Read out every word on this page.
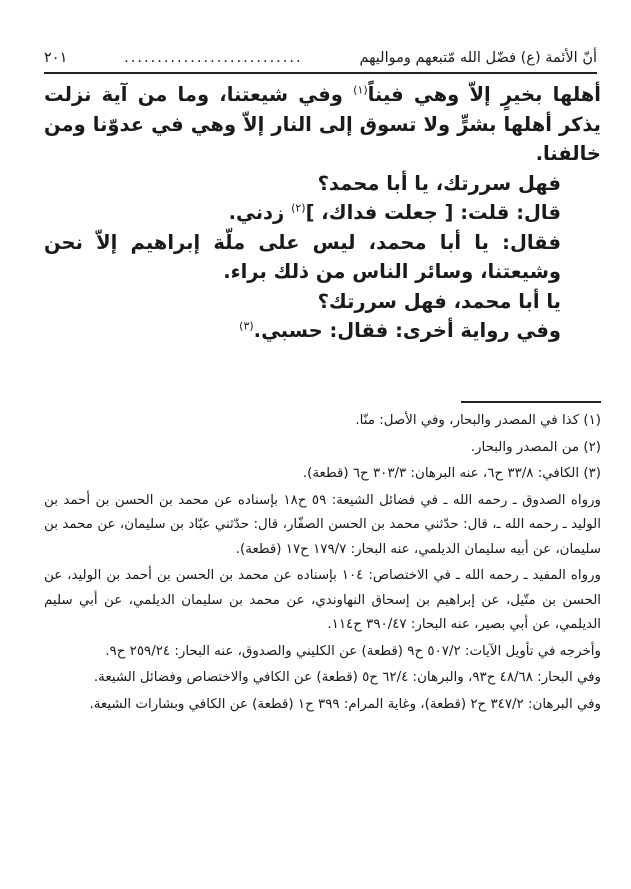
أنّ الأئمة (ع) فضّل الله مّتبعهم ومواليهم
...........................
٢٠١

أهلها بخيرٍ إلاّ وهي فيناً$^{(١)}$ وفي شيعتنا، وما من آية نزلت يذكر أهلها بشرٍّ ولا تسوق إلى النار إلاّ وهي في عدوّنا ومن خالفنا.

فهل سررتك، يا أبا محمد؟

قال: قلت: [ جعلت فداك، ]$^{(٢)}$ زدني.

فقال: يا أبا محمد، ليس على ملّة إبراهيم إلاّ نحن وشيعتنا، وسائر الناس من ذلك براء.

يا أبا محمد، فهل سررتك؟

وفي رواية أخرى: فقال: حسبي.$^{(٣)}$

(١) كذا في المصدر والبحار، وفي الأصل: منّا.

(٢) من المصدر والبحار.

(٣) الكافي: ٣٣/٨ ح٦، عنه البرهان: ٣٠٣/٣ ح٦ (قطعة).

ورواه الصدوق ـ رحمه الله ـ في فضائل الشيعة: ٥٩ ح١٨ بإسناده عن محمد بن الحسن بن أحمد بن الوليد ـ رحمه الله ـ، قال: حدّثني محمد بن الحسن الصفّار، قال: حدّثني عبّاد بن سليمان، عن محمد بن سليمان، عن أبيه سليمان الديلمي، عنه البحار: ١٧٩/٧ ح١٧ (قطعة).

ورواه المفيد ـ رحمه الله ـ في الاختصاص: ١٠٤ بإسناده عن محمد بن الحسن بن أحمد بن الوليد، عن الحسن بن متّيل، عن إبراهيم بن إسحاق النهاوندي، عن محمد بن سليمان الديلمي، عن أبي سليم الديلمي، عن أبي بصير، عنه البحار: ٣٩٠/٤٧ ح١١٤.

وأخرجه في تأويل الآيات: ٥٠٧/٢ ح٩ (قطعة) عن الكليني والصدوق، عنه البحار: ٢٥٩/٢٤ ح٩.

وفي البحار: ٤٨/٦٨ ح٩٣، والبرهان: ٦٢/٤ ح٥ (قطعة) عن الكافي والاختصاص وفضائل الشيعة.

وفي البرهان: ٣٤٧/٢ ح٢ (قطعة)، وغاية المرام: ٣٩٩ ح١ (قطعة) عن الكافي وبشارات الشيعة.
